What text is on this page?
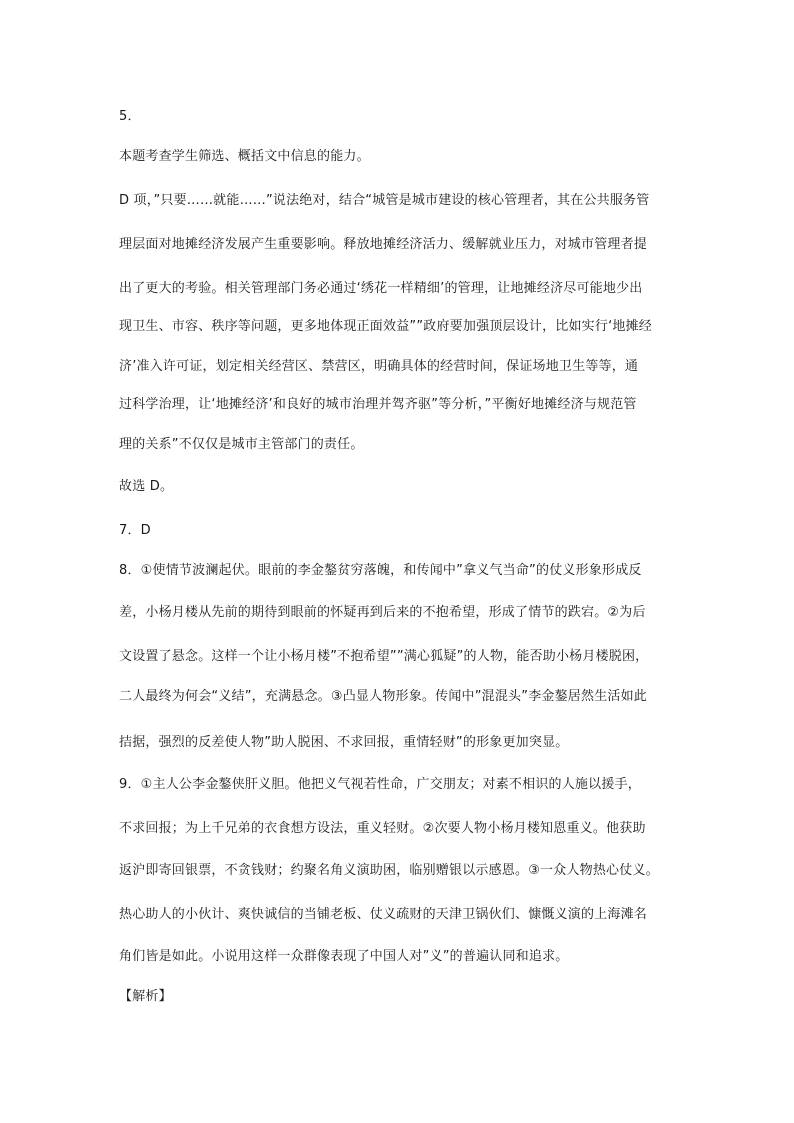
5．
本题考查学生筛选、概括文中信息的能力。
D 项，”只要……就能……”说法绝对，结合“城管是城市建设的核心管理者，其在公共服务管
理层面对地摊经济发展产生重要影响。释放地摊经济活力、缓解就业压力，对城市管理者提
出了更大的考验。相关管理部门务必通过‘绣花一样精细’的管理，让地摊经济尽可能地少出
现卫生、市容、秩序等问题，更多地体现正面效益””政府要加强顶层设计，比如实行‘地摊经
济’准入许可证，划定相关经营区、禁营区，明确具体的经营时间，保证场地卫生等等，通
过科学治理，让‘地摊经济’和良好的城市治理并驾齐驱”等分析，”平衡好地摊经济与规范管
理的关系”不仅仅是城市主管部门的责任。
故选 D。
7．D
8．①使情节波澜起伏。眼前的李金鏊贫穷落魄，和传闻中”拿义气当命”的仗义形象形成反
差，小杨月楼从先前的期待到眼前的怀疑再到后来的不抱希望，形成了情节的跌宕。②为后
文设置了悬念。这样一个让小杨月楼”不抱希望””满心狐疑”的人物，能否助小杨月楼脱困，
二人最终为何会“义结”，充满悬念。③凸显人物形象。传闻中”混混头”李金鏊居然生活如此
拮据，强烈的反差使人物”助人脱困、不求回报，重情轻财”的形象更加突显。
9．①主人公李金鏊侠肝义胆。他把义气视若性命，广交朋友；对素不相识的人施以援手，
不求回报；为上千兄弟的衣食想方设法，重义轻财。②次要人物小杨月楼知恩重义。他获助
返沪即寄回银票，不贪钱财；约聚名角义演助困，临别赠银以示感恩。③一众人物热心仗义。
热心助人的小伙计、爽快诚信的当铺老板、仗义疏财的天津卫锅伙们、慷慨义演的上海滩名
角们皆是如此。小说用这样一众群像表现了中国人对”义”的普遍认同和追求。
【解析】
